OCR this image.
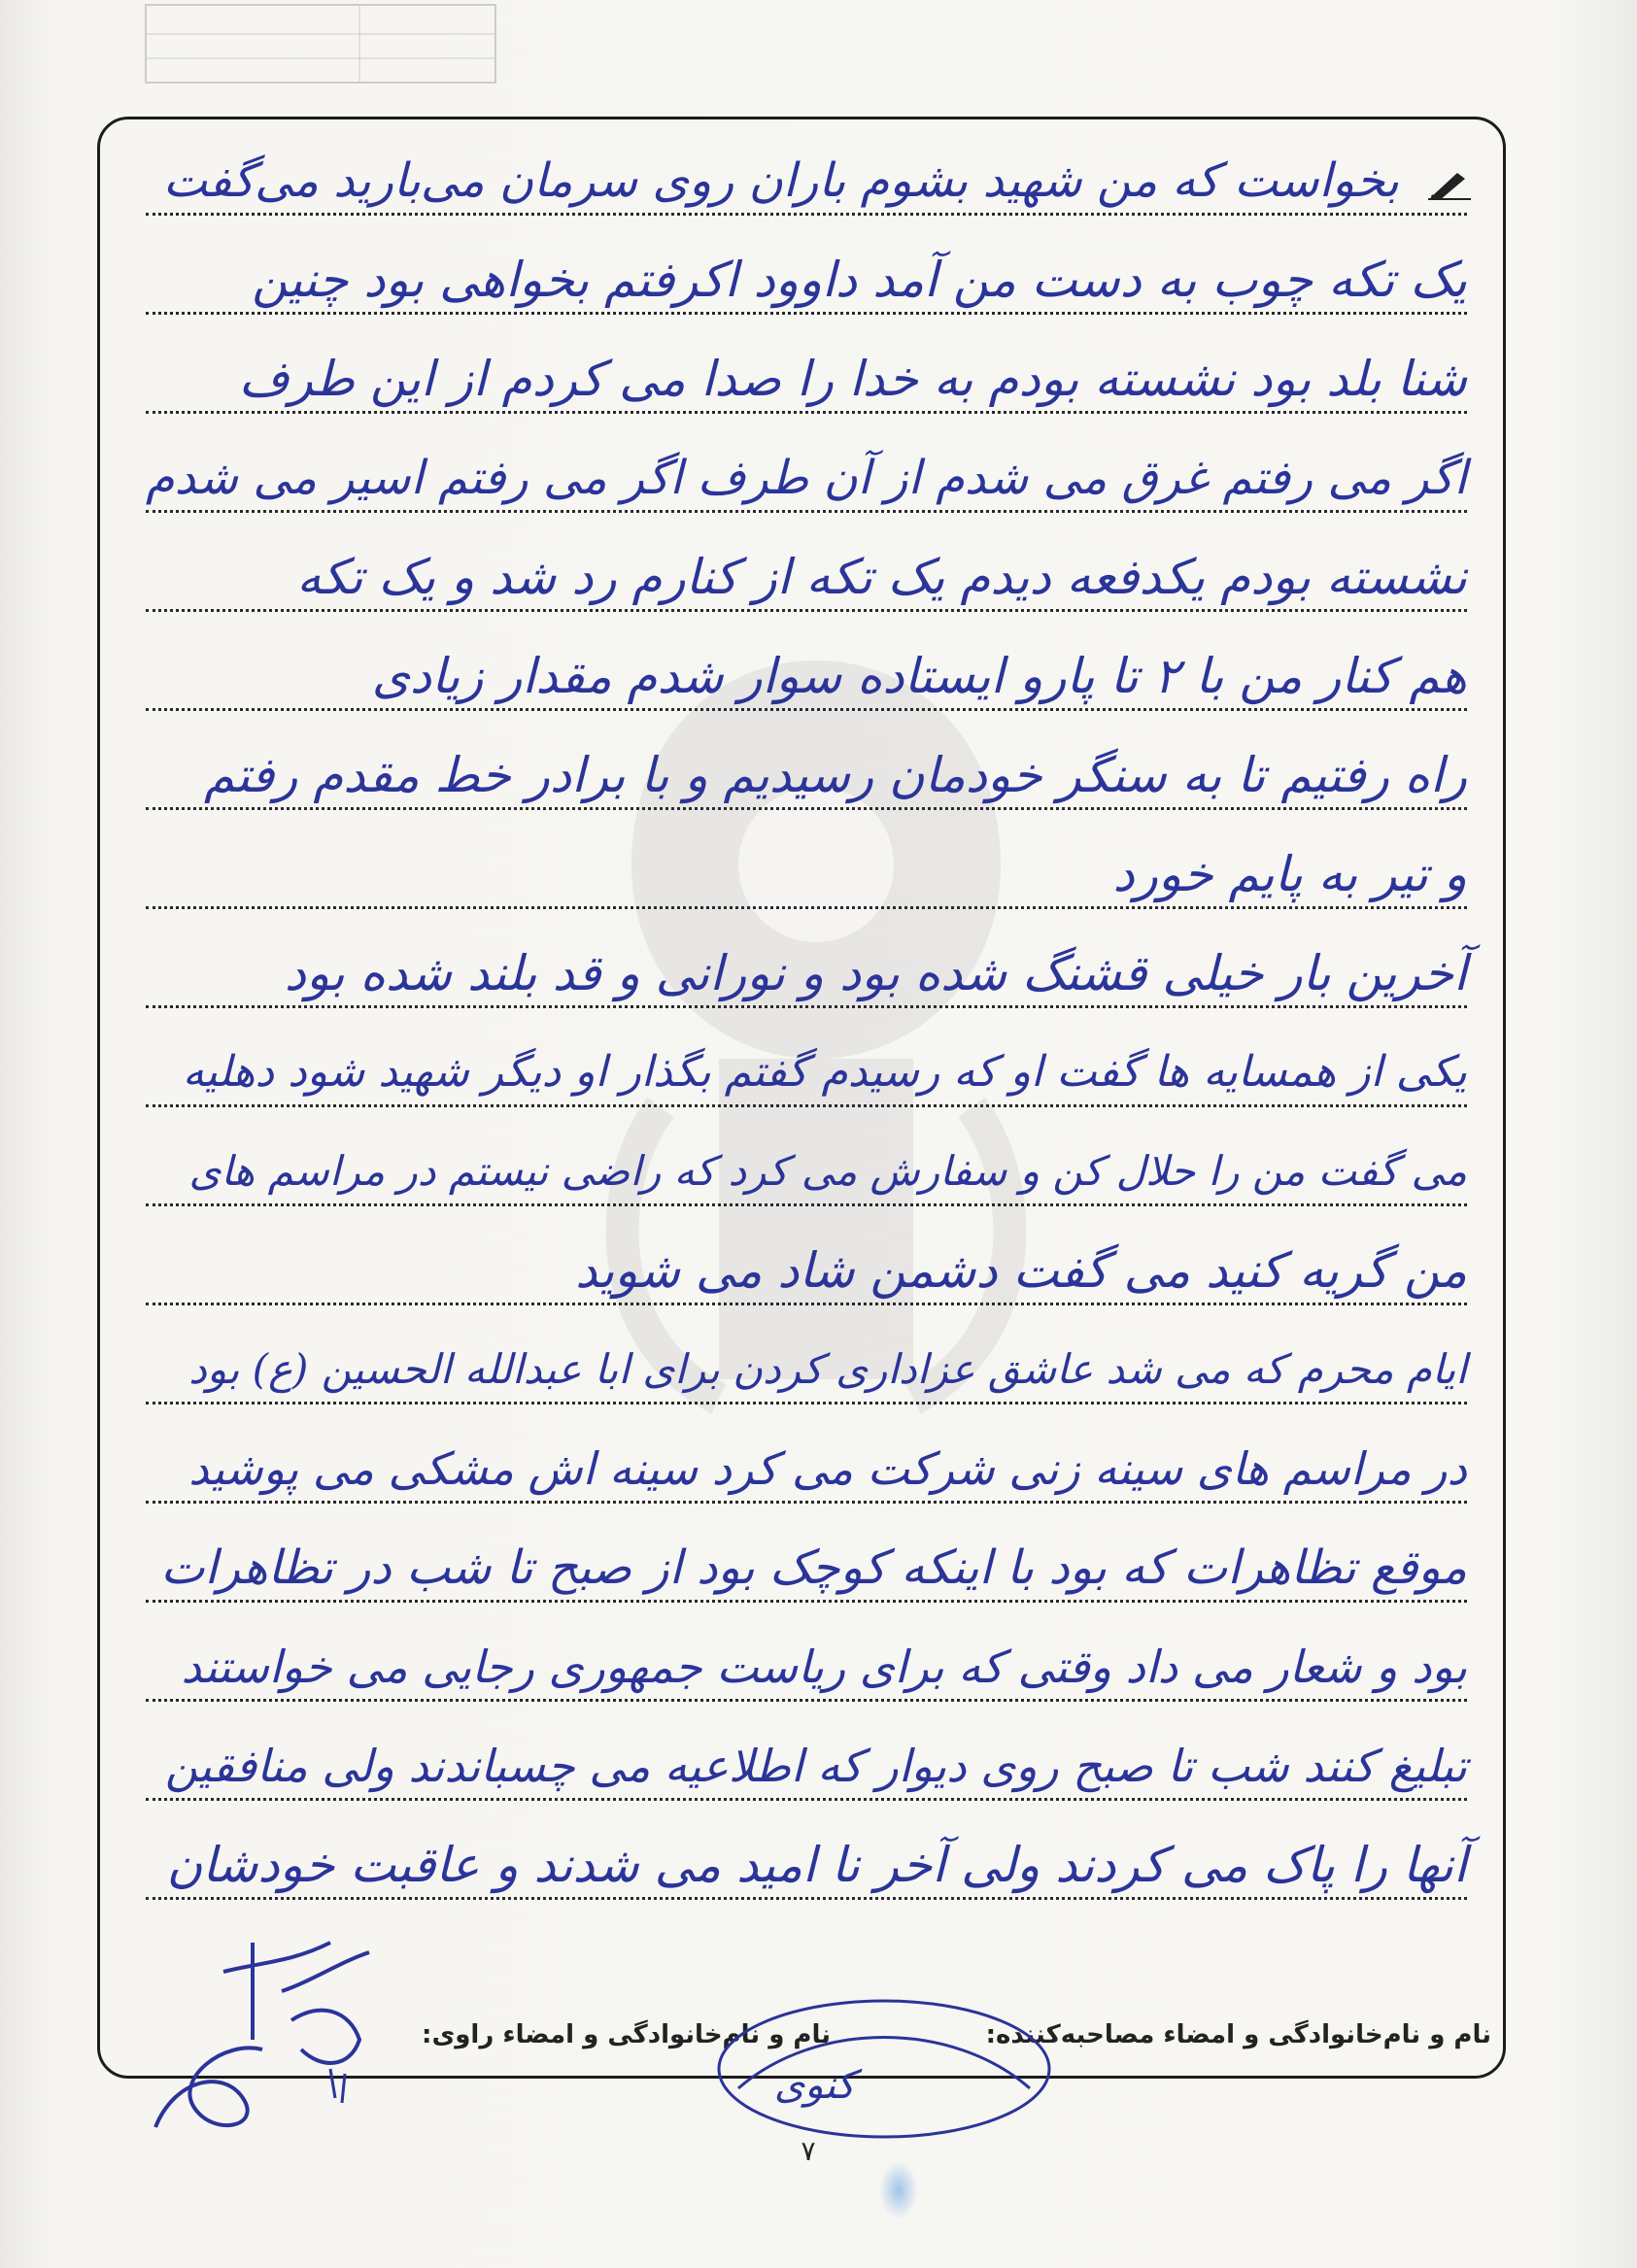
بخواست که من شهید بشوم باران روی سرمان می‌بارید می‌گفت
یک تکه چوب به دست من آمد داوود اکرفتم بخواهی بود چنین
شنا بلد بود نشسته بودم به خدا را صدا می کردم از این طرف
اگر می رفتم غرق می شدم از آن طرف اگر می رفتم اسیر می شدم
نشسته بودم یکدفعه دیدم یک تکه از کنارم رد شد و یک تکه
هم کنار من با ۲ تا پارو ایستاده سوار شدم مقدار زیادی
راه رفتیم تا به سنگر خودمان رسیدیم و با برادر خط مقدم رفتم
و تیر به پایم خورد
آخرین بار خیلی قشنگ شده بود و نورانی و قد بلند شده بود
یکی از همسایه ها گفت او که رسیدم گفتم بگذار او دیگر شهید شود دهلیه
می گفت من را حلال کن و سفارش می کرد که راضی نیستم در مراسم های
من گریه کنید می گفت دشمن شاد می شوید
ایام محرم که می شد عاشق عزاداری کردن برای ابا عبدالله الحسین (ع) بود
در مراسم های سینه زنی شرکت می کرد سینه اش مشکی می پوشید
موقع تظاهرات که بود با اینکه کوچک بود از صبح تا شب در تظاهرات
بود و شعار می داد وقتی که برای ریاست جمهوری رجایی می خواستند
تبلیغ کنند شب تا صبح روی دیوار که اطلاعیه می چسباندند ولی منافقین
آنها را پاک می کردند ولی آخر نا امید می شدند و عاقبت خودشان
نام و نام‌خانوادگی و امضاء مصاحبه‌کننده:
نام و نام‌خانوادگی و امضاء راوی:
کنوی
۷
